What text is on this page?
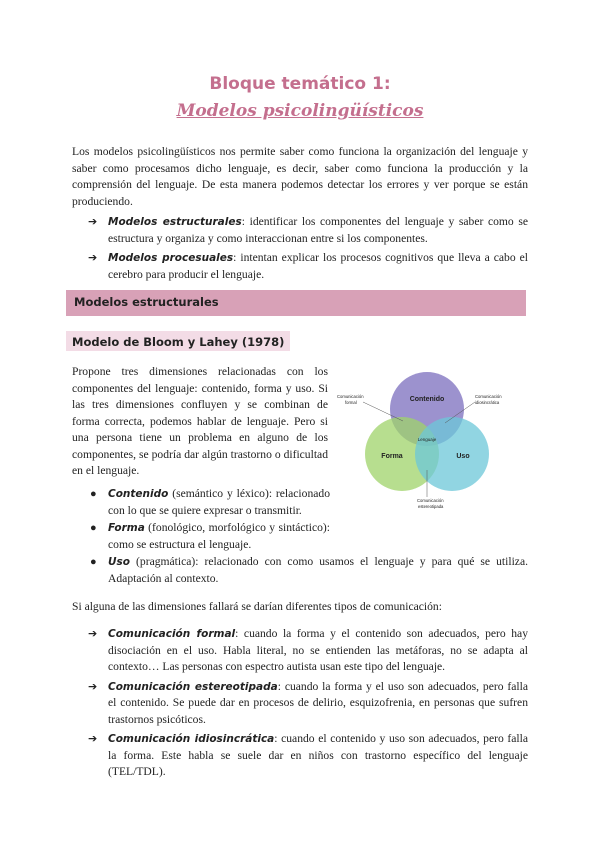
Bloque temático 1:
Modelos psicolingüísticos

Los modelos psicolingüísticos nos permite saber como funciona la organización del lenguaje y saber como procesamos dicho lenguaje, es decir, saber como funciona la producción y la comprensión del lenguaje. De esta manera podemos detectar los errores y ver porque se están produciendo.

➔ Modelos estructurales: identificar los componentes del lenguaje y saber como se estructura y organiza y como interaccionan entre si los componentes.
➔ Modelos procesuales: intentan explicar los procesos cognitivos que lleva a cabo el cerebro para producir el lenguaje.
Modelos estructurales
Modelo de Bloom y Lahey (1978)

Propone tres dimensiones relacionadas con los componentes del lenguaje: contenido, forma y uso. Si las tres dimensiones confluyen y se combinan de forma correcta, podemos hablar de lenguaje. Pero si una persona tiene un problema en alguno de los componentes, se podría dar algún trastorno o dificultad en el lenguaje.

Contenido
Forma	Uso
Lenguaje
Comunicación
formal
Comunicación
idiosincrática
Comunicación
estereotipada
● Contenido (semántico y léxico): relacionado con lo que se quiere expresar o transmitir.
● Forma (fonológico, morfológico y sintáctico): como se estructura el lenguaje.
● Uso (pragmática): relacionado con como usamos el lenguaje y para qué se utiliza. Adaptación al contexto.

Si alguna de las dimensiones fallará se darían diferentes tipos de comunicación:

➔ Comunicación formal: cuando la forma y el contenido son adecuados, pero hay disociación en el uso. Habla literal, no se entienden las metáforas, no se adapta al contexto… Las personas con espectro autista usan este tipo del lenguaje.
➔ Comunicación estereotipada: cuando la forma y el uso son adecuados, pero falla el contenido. Se puede dar en procesos de delirio, esquizofrenia, en personas que sufren trastornos psicóticos.
➔ Comunicación idiosincrática: cuando el contenido y uso son adecuados, pero falla la forma. Este habla se suele dar en niños con trastorno específico del lenguaje (TEL/TDL).
